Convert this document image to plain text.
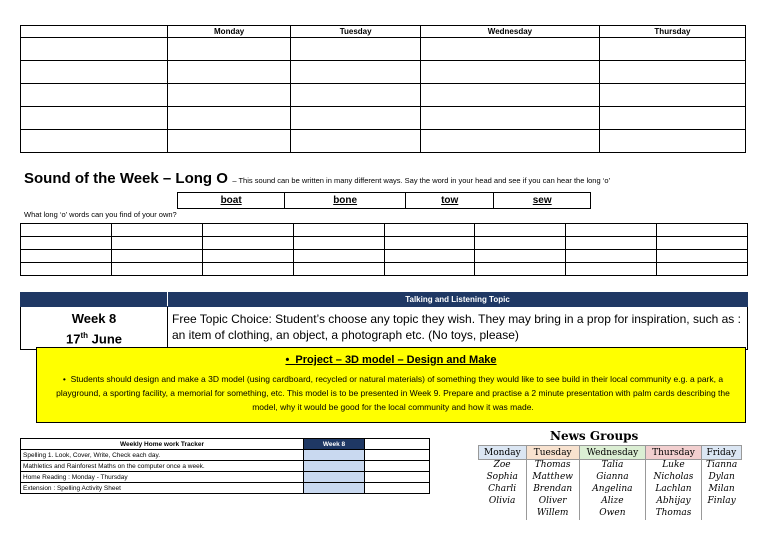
	Monday	Tuesday	Wednesday	Thursday

Sound of the Week – Long O – This sound can be written in many different ways. Say the word in your head and see if you can hear the long ‘o’
boat	bone	tow	sew
What long ‘o’ words can you find of your own?

	Talking and Listening Topic

Week 8
17th June	Free Topic Choice: Student’s choose any topic they wish. They may bring in a prop for inspiration, such as : an item of clothing, an object, a photograph etc. (No toys, please)
•  Project – 3D model – Design and Make
•  Students should design and make a 3D model (using cardboard, recycled or natural materials) of something they would like to see build in their local community e.g. a park, a playground, a sporting facility, a memorial for something, etc. This model is to be presented in Week 9. Prepare and practise a 2 minute presentation with palm cards describing the model, why it would be good for the local community and how it was made.
Weekly Home work Tracker	Week 8	
Spelling 1. Look, Cover, Write, Check each day.		
Mathletics and Rainforest Maths on the computer once a week.		
Home Reading : Monday - Thursday		
Extension : Spelling Activity Sheet		
News Groups
Monday	Tuesday	Wednesday	Thursday	Friday
Zoe	Thomas	Talia	Luke	Tianna
Sophia	Matthew	Gianna	Nicholas	Dylan
Charli	Brendan	Angelina	Lachlan	Milan
Olivia	Oliver	Alize	Abhijay	Finlay
	Willem	Owen	Thomas	
